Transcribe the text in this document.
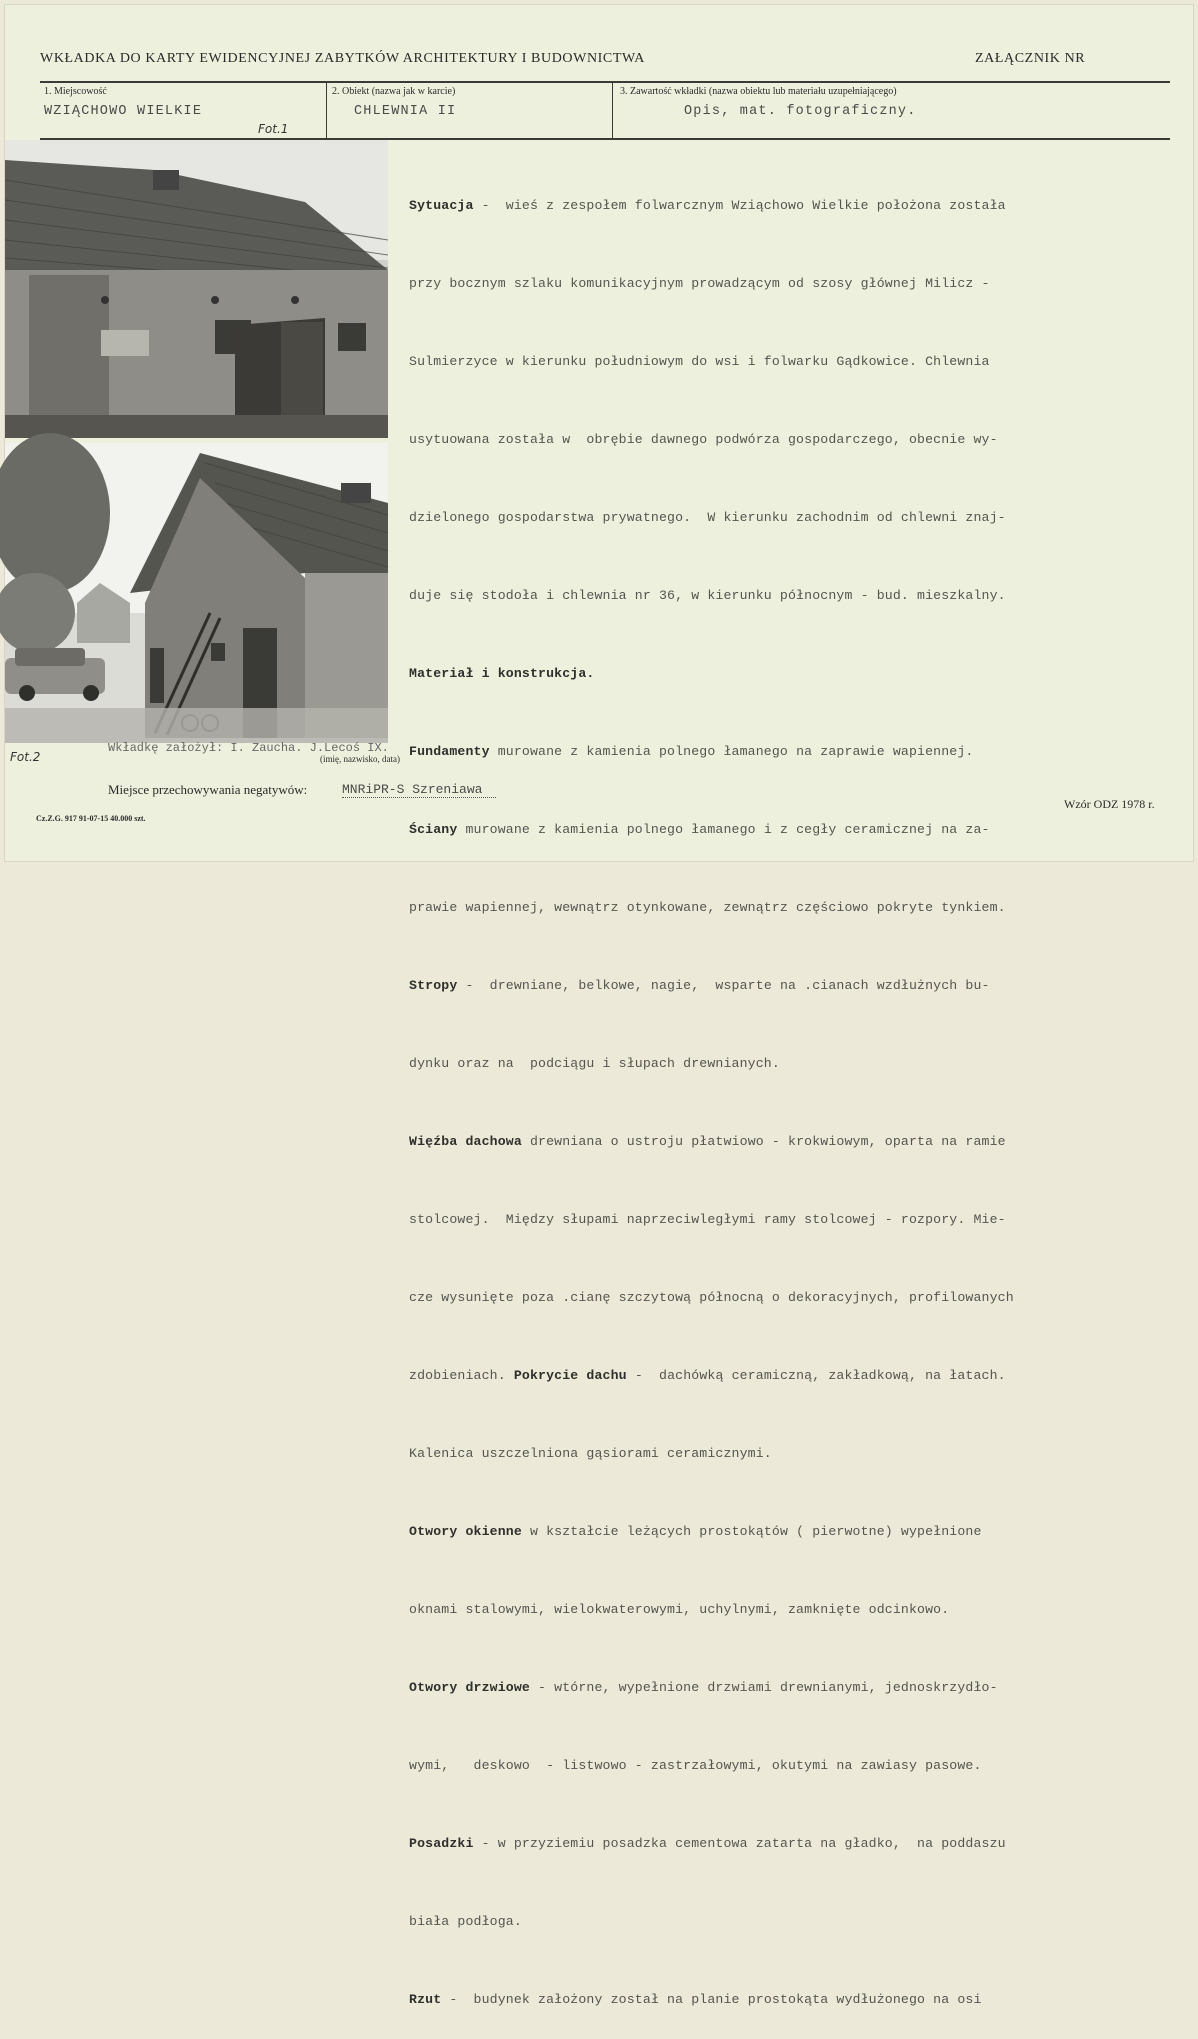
WKŁADKA DO KARTY EWIDENCYJNEJ ZABYTKÓW ARCHITEKTURY I BUDOWNICTWA	ZAŁĄCZNIK NR
1. Miejscowość
WZIĄCHOWO WIELKIE
2. Obiekt (nazwa jak w karcie)
CHLEWNIA II
3. Zawartość wkładki (nazwa obiektu lub materiału uzupełniającego)
Opis, mat. fotograficzny.
Fot.1
Fot.2

Sytuacja -  wieś z zespołem folwarcznym Wziąchowo Wielkie położona została

przy bocznym szlaku komunikacyjnym prowadzącym od szosy głównej Milicz -

Sulmierzyce w kierunku południowym do wsi i folwarku Gądkowice. Chlewnia

usytuowana została w  obrębie dawnego podwórza gospodarczego, obecnie wy-

dzielonego gospodarstwa prywatnego.  W kierunku zachodnim od chlewni znaj-

duje się stodoła i chlewnia nr 36, w kierunku północnym - bud. mieszkalny.

Materiał i konstrukcja.

Fundamenty murowane z kamienia polnego łamanego na zaprawie wapiennej.

Ściany murowane z kamienia polnego łamanego i z cegły ceramicznej na za-

prawie wapiennej, wewnątrz otynkowane, zewnątrz częściowo pokryte tynkiem.

Stropy -  drewniane, belkowe, nagie,  wsparte na .cianach wzdłużnych bu-

dynku oraz na  podciągu i słupach drewnianych.

Więźba dachowa drewniana o ustroju płatwiowo - krokwiowym, oparta na ramie

stolcowej.  Między słupami naprzeciwległymi ramy stolcowej - rozpory. Mie-

cze wysunięte poza .cianę szczytową północną o dekoracyjnych, profilowanych

zdobieniach. Pokrycie dachu -  dachówką ceramiczną, zakładkową, na łatach.

Kalenica uszczelniona gąsiorami ceramicznymi.

Otwory okienne w kształcie leżących prostokątów ( pierwotne) wypełnione

oknami stalowymi, wielokwaterowymi, uchylnymi, zamknięte odcinkowo.

Otwory drzwiowe - wtórne, wypełnione drzwiami drewnianymi, jednoskrzydło-

wymi,   deskowo  - listwowo - zastrzałowymi, okutymi na zawiasy pasowe.

Posadzki - w przyziemiu posadzka cementowa zatarta na gładko,  na poddaszu

biała podłoga.

Rzut -  budynek założony został na planie prostokąta wydłużonego na osi

Wkładkę założył: I. Zaucha. J.Lecoś IX.
(imię, nazwisko, data)
Miejsce przechowywania negatywów:	MNRiPR-S Szreniawa
Cz.Z.G. 917 91-07-15 40.000 szt.
Wzór ODZ 1978 r.
